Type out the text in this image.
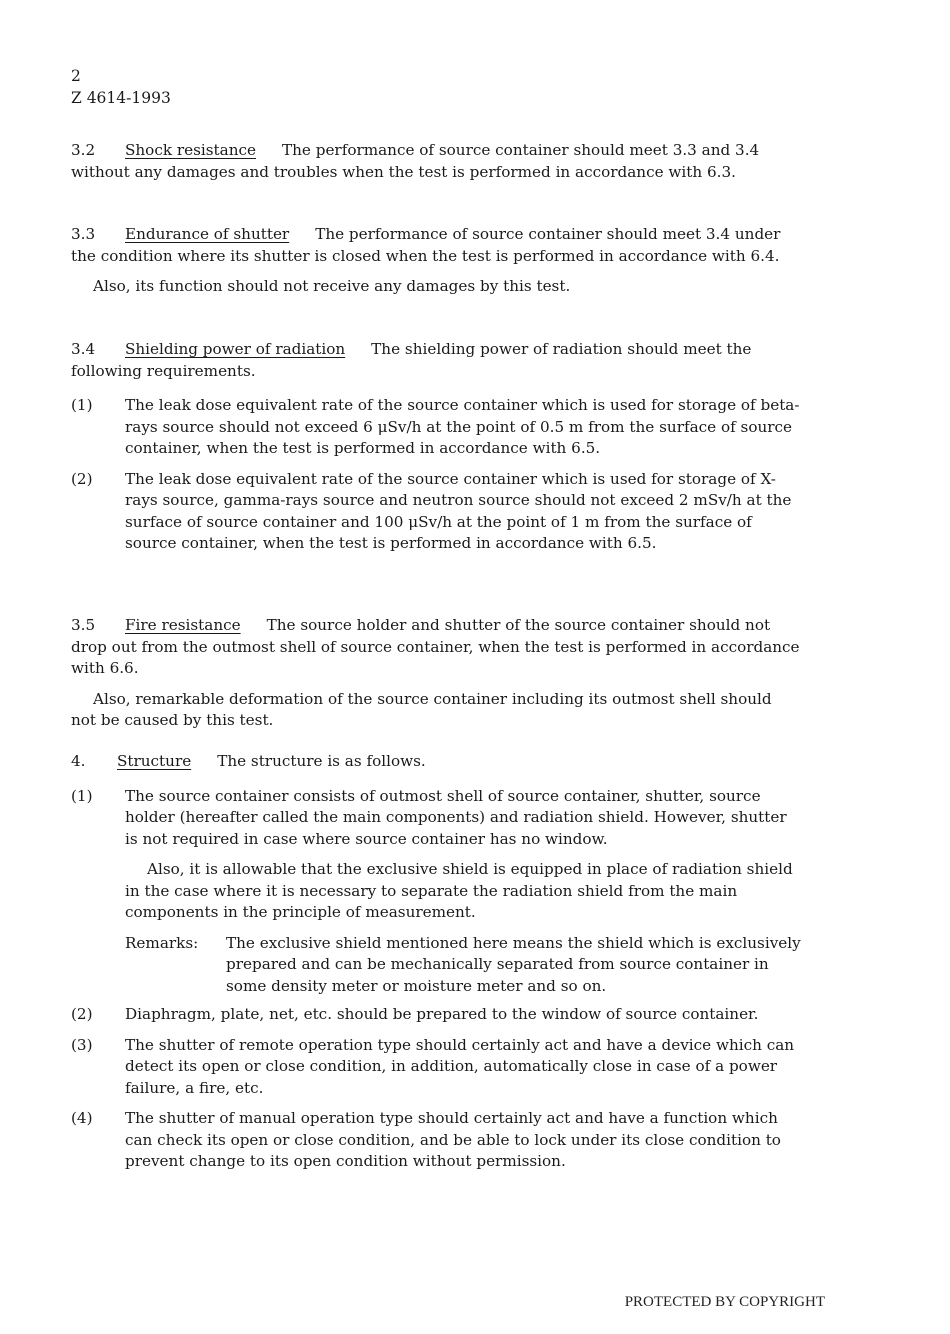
2
Z 4614-1993
3.2 Shock resistance The performance of source container should meet 3.3 and 3.4 without any damages and troubles when the test is performed in accordance with 6.3.
3.3 Endurance of shutter The performance of source container should meet 3.4 under the condition where its shutter is closed when the test is performed in accordance with 6.4.
Also, its function should not receive any damages by this test.
3.4 Shielding power of radiation The shielding power of radiation should meet the following requirements.
(1) The leak dose equivalent rate of the source container which is used for storage of beta-rays source should not exceed 6 μSv/h at the point of 0.5 m from the surface of source container, when the test is performed in accordance with 6.5.
(2) The leak dose equivalent rate of the source container which is used for storage of X-rays source, gamma-rays source and neutron source should not exceed 2 mSv/h at the surface of source container and 100 μSv/h at the point of 1 m from the surface of source container, when the test is performed in accordance with 6.5.
3.5 Fire resistance The source holder and shutter of the source container should not drop out from the outmost shell of source container, when the test is performed in accordance with 6.6.
Also, remarkable deformation of the source container including its outmost shell should not be caused by this test.
4. Structure The structure is as follows.
(1) The source container consists of outmost shell of source container, shutter, source holder (hereafter called the main components) and radiation shield. However, shutter is not required in case where source container has no window.
Also, it is allowable that the exclusive shield is equipped in place of radiation shield in the case where it is necessary to separate the radiation shield from the main components in the principle of measurement.
Remarks: The exclusive shield mentioned here means the shield which is exclusively prepared and can be mechanically separated from source container in some density meter or moisture meter and so on.
(2) Diaphragm, plate, net, etc. should be prepared to the window of source container.
(3) The shutter of remote operation type should certainly act and have a device which can detect its open or close condition, in addition, automatically close in case of a power failure, a fire, etc.
(4) The shutter of manual operation type should certainly act and have a function which can check its open or close condition, and be able to lock under its close condition to prevent change to its open condition without permission.
PROTECTED BY COPYRIGHT
